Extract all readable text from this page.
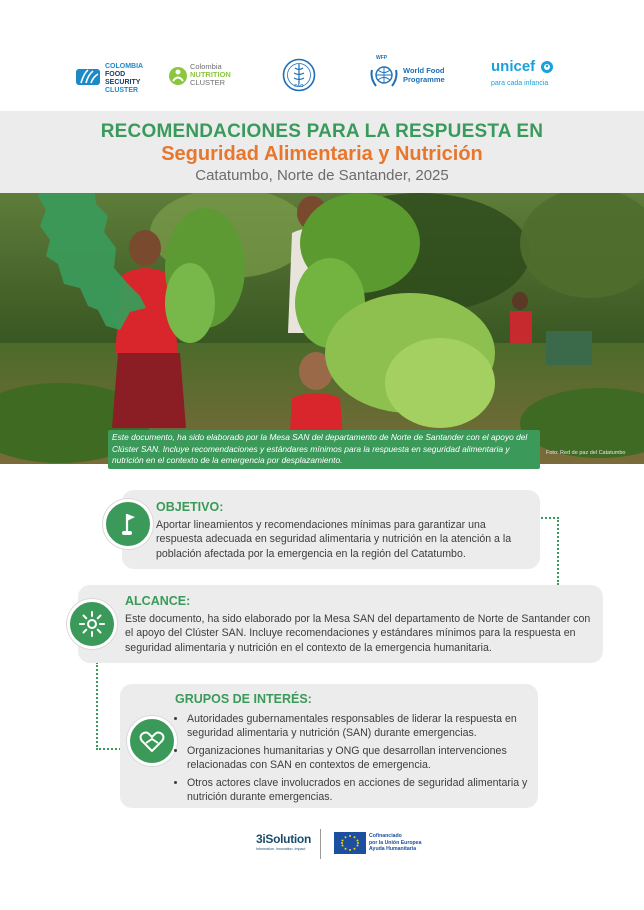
COLOMBIA
FOOD SECURITY
CLUSTER
Colombia
NUTRITION
CLUSTER	FAO
WFP
World Food
Programme
unicef
para cada infancia
RECOMENDACIONES PARA LA RESPUESTA EN
Seguridad Alimentaria y Nutrición
Catatumbo, Norte de Santander, 2025
Este documento, ha sido elaborado por la Mesa SAN del departamento de Norte de Santander con el apoyo del Clúster SAN. Incluye recomendaciones y estándares mínimos para la respuesta en seguridad alimentaria y nutrición en el contexto de la emergencia por desplazamiento.
Foto: Red de paz del Catatumbo
OBJETIVO:
Aportar lineamientos y recomendaciones mínimas para garantizar una respuesta adecuada en seguridad alimentaria y nutrición en la atención a la población afectada por la emergencia en la región del Catatumbo.
ALCANCE:
Este documento, ha sido elaborado por la Mesa SAN del departamento de Norte de Santander con el apoyo del Clúster SAN. Incluye recomendaciones y estándares mínimos para la respuesta en seguridad alimentaria y nutrición en el contexto de la emergencia humanitaria.
GRUPOS DE INTERÉS:
• Autoridades gubernamentales responsables de liderar la respuesta en seguridad alimentaria y nutrición (SAN) durante emergencias.
• Organizaciones humanitarias y ONG que desarrollan intervenciones relacionadas con SAN en contextos de emergencia.
• Otros actores clave involucrados en acciones de seguridad alimentaria y nutrición durante emergencias.
3iSolution
Information. Innovation. Impact
Cofinanciado
por la Unión Europea
Ayuda Humanitaria
